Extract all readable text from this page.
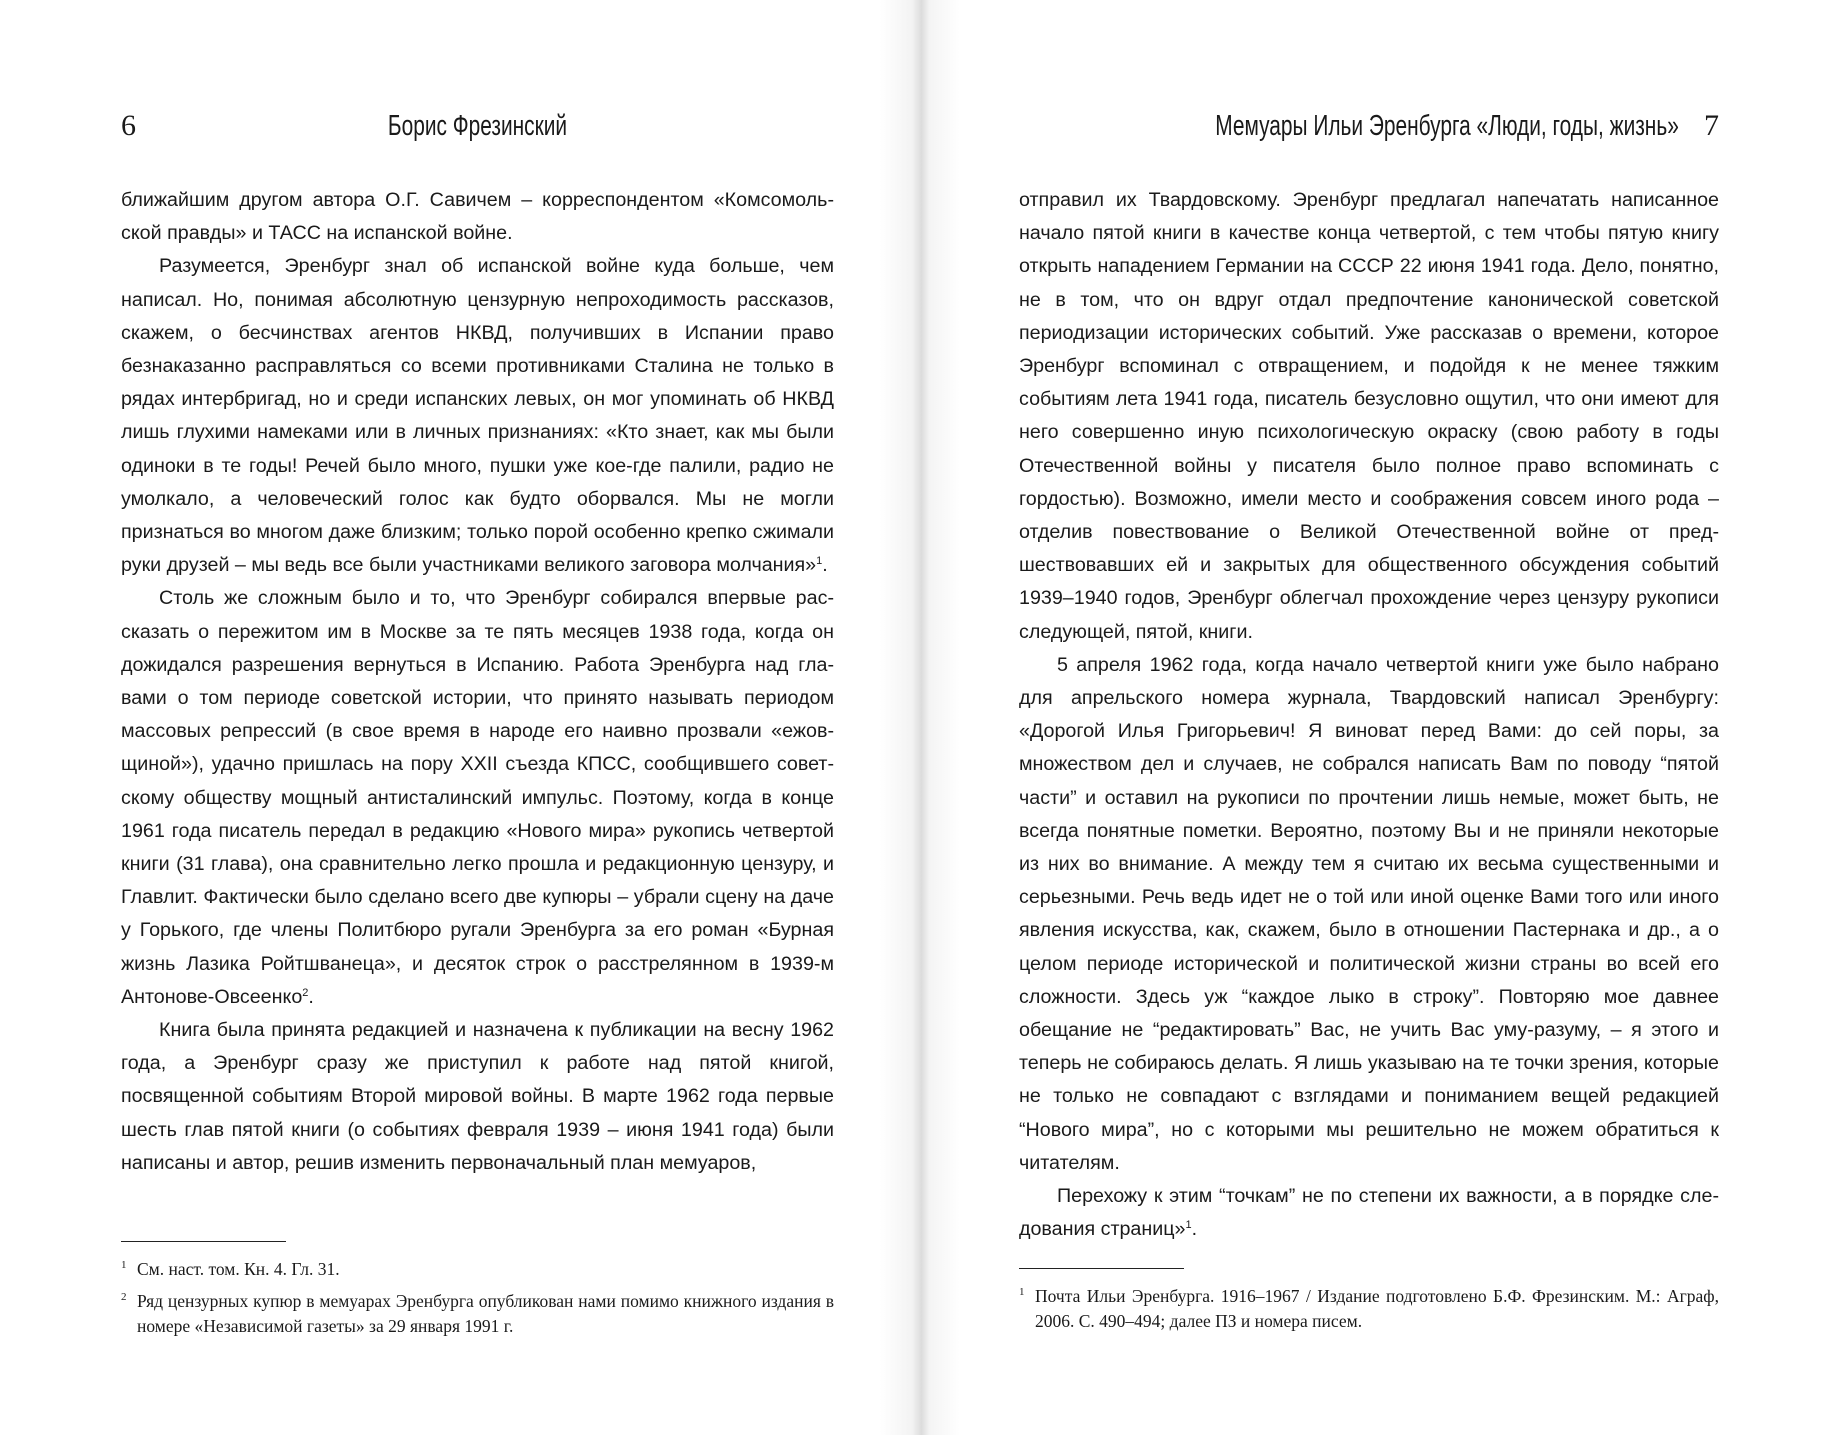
6	Борис Фрезинский

ближайшим другом автора О.Г. Савичем – корреспондентом «Комсомольской правды» и ТАСС на испанской войне.

Разумеется, Эренбург знал об испанской войне куда больше, чем написал. Но, понимая абсолютную цензурную непроходимость рассказов, скажем, о бесчинствах агентов НКВД, получивших в Испании право безнаказанно расправляться со всеми противниками Сталина не только в рядах интербригад, но и среди испанских левых, он мог упоминать об НКВД лишь глухими намеками или в личных признаниях: «Кто знает, как мы были одиноки в те годы! Речей было много, пушки уже кое-где палили, радио не умолкало, а человеческий голос как будто оборвался. Мы не могли признаться во многом даже близким; только порой особенно крепко сжимали руки друзей – мы ведь все были участниками великого заговора молчания»$^1$.

Столь же сложным было и то, что Эренбург собирался впервые рассказать о пережитом им в Москве за те пять месяцев 1938 года, когда он дожидался разрешения вернуться в Испанию. Работа Эренбурга над главами о том периоде советской истории, что принято называть периодом массовых репрессий (в свое время в народе его наивно прозвали «ежовщиной»), удачно пришлась на пору XXII съезда КПСС, сообщившего советскому обществу мощный антисталинский импульс. Поэтому, когда в конце 1961 года писатель передал в редакцию «Нового мира» рукопись четвертой книги (31 глава), она сравнительно легко прошла и редакционную цензуру, и Главлит. Фактически было сделано всего две купюры – убрали сцену на даче у Горького, где члены Политбюро ругали Эренбурга за его роман «Бурная жизнь Лазика Ройтшванеца», и десяток строк о расстрелянном в 1939-м Антонове-Овсеенко$^2$.

Книга была принята редакцией и назначена к публикации на весну 1962 года, а Эренбург сразу же приступил к работе над пятой книгой, посвященной событиям Второй мировой войны. В марте 1962 года первые шесть глав пятой книги (о событиях февраля 1939 – июня 1941 года) были написаны и автор, решив изменить первоначальный план мемуаров,

1 См. наст. том. Кн. 4. Гл. 31.
2 Ряд цензурных купюр в мемуарах Эренбурга опубликован нами помимо книжного издания в номере «Независимой газеты» за 29 января 1991 г.
Мемуары Ильи Эренбурга «Люди, годы, жизнь» 7

отправил их Твардовскому. Эренбург предлагал напечатать написанное начало пятой книги в качестве конца четвертой, с тем чтобы пятую книгу открыть нападением Германии на СССР 22 июня 1941 года. Дело, понятно, не в том, что он вдруг отдал предпочтение канонической советской периодизации исторических событий. Уже рассказав о времени, которое Эренбург вспоминал с отвращением, и подойдя к не менее тяжким событиям лета 1941 года, писатель безусловно ощутил, что они имеют для него совершенно иную психологическую окраску (свою работу в годы Отечественной войны у писателя было полное право вспоминать с гордостью). Возможно, имели место и соображения совсем иного рода – отделив повествование о Великой Отечественной войне от предшествовавших ей и закрытых для общественного обсуждения событий 1939–1940 годов, Эренбург облегчал прохождение через цензуру рукописи следующей, пятой, книги.

5 апреля 1962 года, когда начало четвертой книги уже было набрано для апрельского номера журнала, Твардовский написал Эренбургу: «Дорогой Илья Григорьевич! Я виноват перед Вами: до сей поры, за множеством дел и случаев, не собрался написать Вам по поводу “пятой части” и оставил на рукописи по прочтении лишь немые, может быть, не всегда понятные пометки. Вероятно, поэтому Вы и не приняли некоторые из них во внимание. А между тем я считаю их весьма существенными и серьезными. Речь ведь идет не о той или иной оценке Вами того или иного явления искусства, как, скажем, было в отношении Пастернака и др., а о целом периоде исторической и политической жизни страны во всей его сложности. Здесь уж “каждое лыко в строку”. Повторяю мое давнее обещание не “редактировать” Вас, не учить Вас уму-разуму, – я этого и теперь не собираюсь делать. Я лишь указываю на те точки зрения, которые не только не совпадают с взглядами и пониманием вещей редакцией “Нового мира”, но с которыми мы решительно не можем обратиться к читателям.

Перехожу к этим “точкам” не по степени их важности, а в порядке следования страниц»$^1$.

1 Почта Ильи Эренбурга. 1916–1967 / Издание подготовлено Б.Ф. Фрезинским. М.: Аграф, 2006. С. 490–494; далее ПЗ и номера писем.
